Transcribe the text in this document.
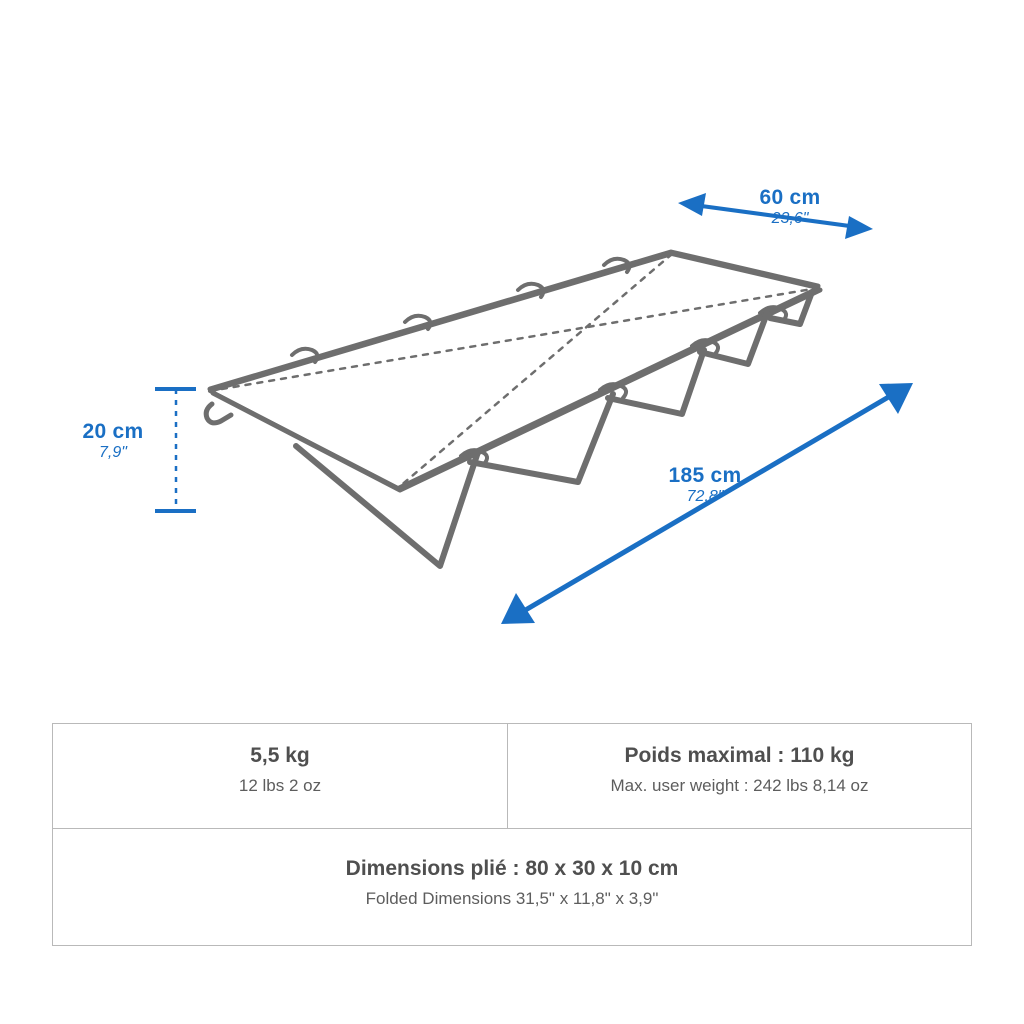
60 cm
23,6"
185 cm
72,8"
20 cm
7,9"
5,5 kg
12 lbs 2 oz
Poids maximal : 110 kg
Max. user weight : 242 lbs 8,14 oz
Dimensions plié : 80 x 30 x 10 cm
Folded Dimensions 31,5" x 11,8" x 3,9"
